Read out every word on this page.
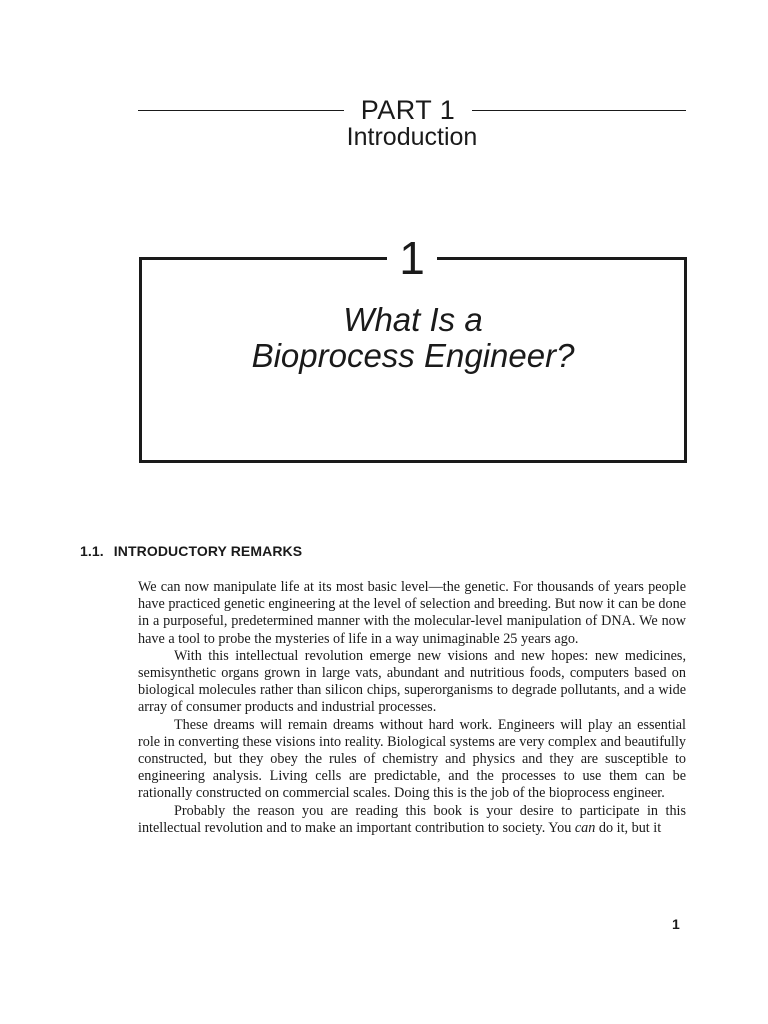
PART 1
Introduction
1
What Is a
Bioprocess Engineer?
1.1. INTRODUCTORY REMARKS

We can now manipulate life at its most basic level—the genetic. For thousands of years people have practiced genetic engineering at the level of selection and breeding. But now it can be done in a purposeful, predetermined manner with the molecular-level manipulation of DNA. We now have a tool to probe the mysteries of life in a way unimaginable 25 years ago.

With this intellectual revolution emerge new visions and new hopes: new medicines, semisynthetic organs grown in large vats, abundant and nutritious foods, computers based on biological molecules rather than silicon chips, superorganisms to degrade pollutants, and a wide array of consumer products and industrial processes.

These dreams will remain dreams without hard work. Engineers will play an essential role in converting these visions into reality. Biological systems are very complex and beautifully constructed, but they obey the rules of chemistry and physics and they are susceptible to engineering analysis. Living cells are predictable, and the processes to use them can be rationally constructed on commercial scales. Doing this is the job of the bioprocess engineer.

Probably the reason you are reading this book is your desire to participate in this intellectual revolution and to make an important contribution to society. You can do it, but it

1
